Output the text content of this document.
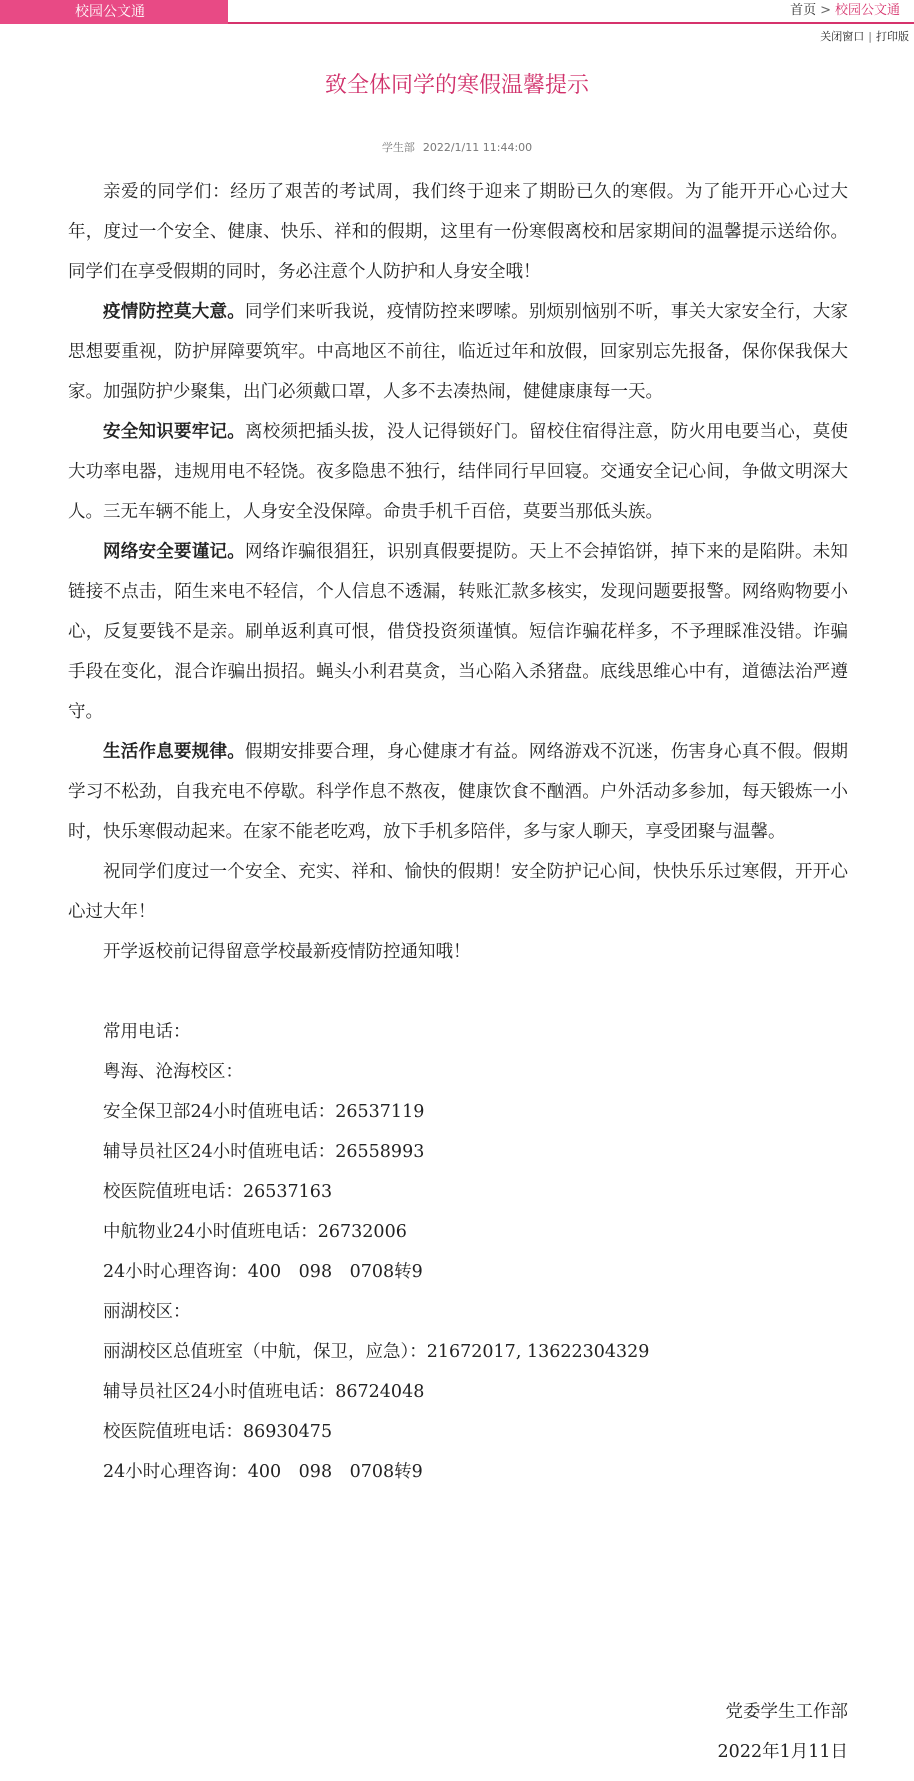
校园公文通	首页 > 校园公文通
关闭窗口 | 打印版
致全体同学的寒假温馨提示
学生部 2022/1/11 11:44:00

亲爱的同学们：经历了艰苦的考试周，我们终于迎来了期盼已久的寒假。为了能开开心心过大年，度过一个安全、健康、快乐、祥和的假期，这里有一份寒假离校和居家期间的温馨提示送给你。同学们在享受假期的同时，务必注意个人防护和人身安全哦！

疫情防控莫大意。同学们来听我说，疫情防控来啰嗦。别烦别恼别不听，事关大家安全行，大家思想要重视，防护屏障要筑牢。中高地区不前往，临近过年和放假，回家别忘先报备，保你保我保大家。加强防护少聚集，出门必须戴口罩，人多不去凑热闹，健健康康每一天。

安全知识要牢记。离校须把插头拔，没人记得锁好门。留校住宿得注意，防火用电要当心，莫使大功率电器，违规用电不轻饶。夜多隐患不独行，结伴同行早回寝。交通安全记心间，争做文明深大人。三无车辆不能上，人身安全没保障。命贵手机千百倍，莫要当那低头族。

网络安全要谨记。网络诈骗很猖狂，识别真假要提防。天上不会掉馅饼，掉下来的是陷阱。未知链接不点击，陌生来电不轻信，个人信息不透漏，转账汇款多核实，发现问题要报警。网络购物要小心，反复要钱不是亲。刷单返利真可恨，借贷投资须谨慎。短信诈骗花样多，不予理睬准没错。诈骗手段在变化，混合诈骗出损招。蝇头小利君莫贪，当心陷入杀猪盘。底线思维心中有，道德法治严遵守。

生活作息要规律。假期安排要合理，身心健康才有益。网络游戏不沉迷，伤害身心真不假。假期学习不松劲，自我充电不停歇。科学作息不熬夜，健康饮食不酗酒。户外活动多参加，每天锻炼一小时，快乐寒假动起来。在家不能老吃鸡，放下手机多陪伴，多与家人聊天，享受团聚与温馨。

祝同学们度过一个安全、充实、祥和、愉快的假期！安全防护记心间，快快乐乐过寒假，开开心心过大年！

开学返校前记得留意学校最新疫情防控通知哦！

常用电话：

粤海、沧海校区：

安全保卫部24小时值班电话：26537119

辅导员社区24小时值班电话：26558993

校医院值班电话：26537163

中航物业24小时值班电话：26732006

24小时心理咨询：400　098　0708转9

丽湖校区：

丽湖校区总值班室（中航，保卫，应急）：21672017, 13622304329

辅导员社区24小时值班电话：86724048

校医院值班电话：86930475

24小时心理咨询：400　098　0708转9

党委学生工作部
2022年1月11日
